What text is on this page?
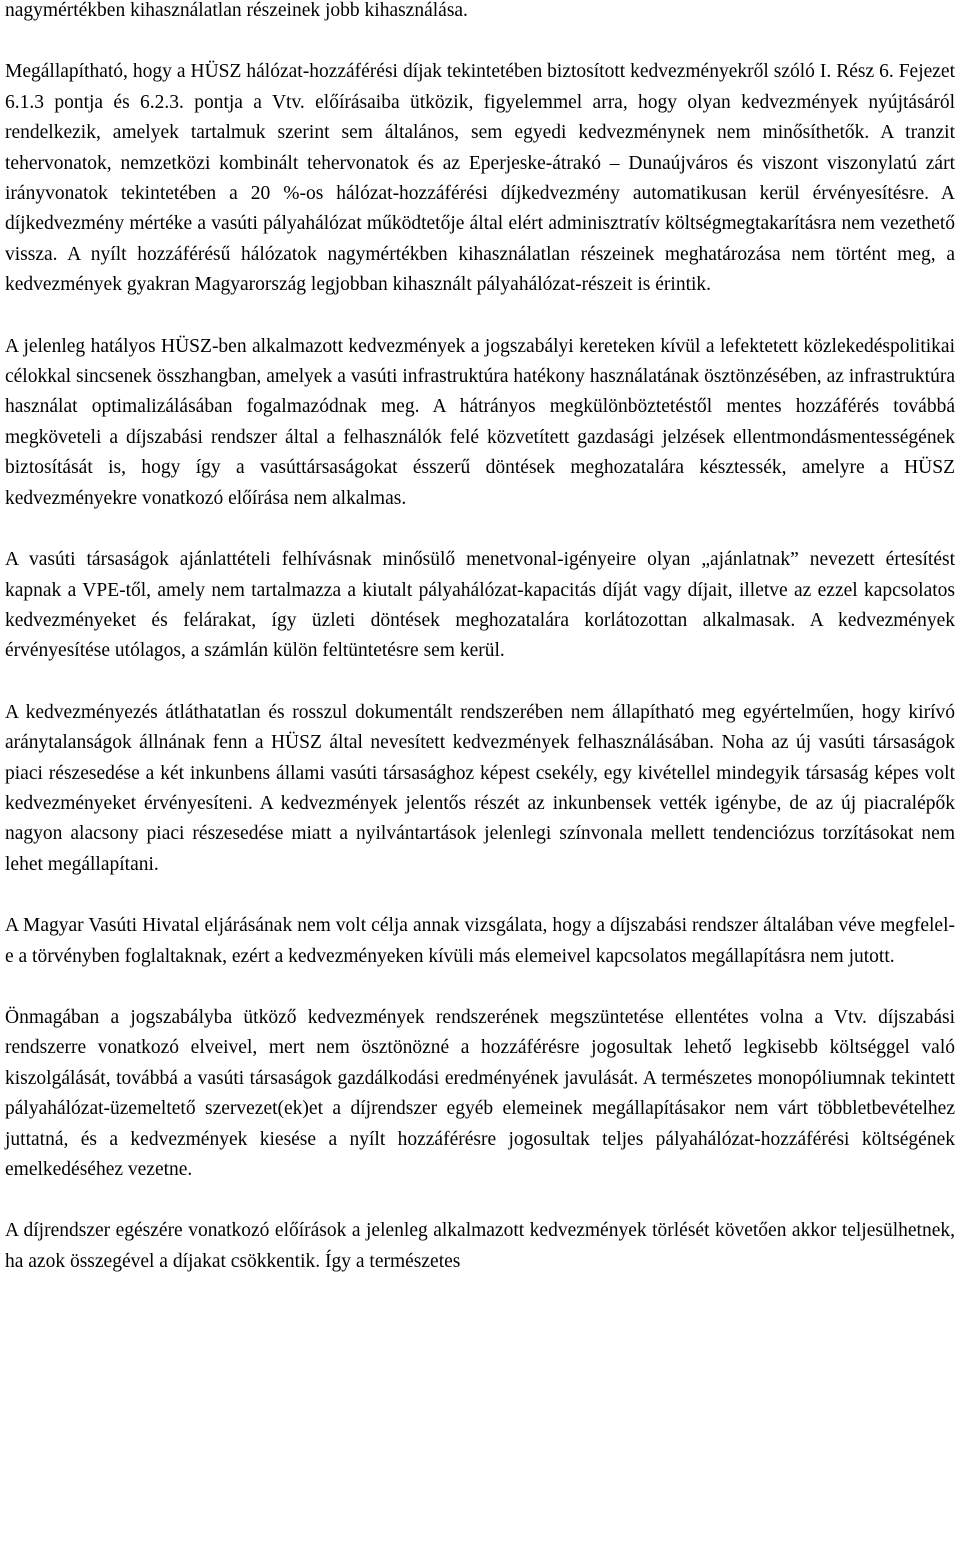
nagymértékben kihasználatlan részeinek jobb kihasználása.

Megállapítható, hogy a HÜSZ hálózat-hozzáférési díjak tekintetében biztosított kedvezményekről szóló I. Rész 6. Fejezet 6.1.3 pontja és 6.2.3. pontja a Vtv. előírásaiba ütközik, figyelemmel arra, hogy olyan kedvezmények nyújtásáról rendelkezik, amelyek tartalmuk szerint sem általános, sem egyedi kedvezménynek nem minősíthetők. A tranzit tehervonatok, nemzetközi kombinált tehervonatok és az Eperjeske-átrakó – Dunaújváros és viszont viszonylatú zárt irányvonatok tekintetében a 20 %-os hálózat-hozzáférési díjkedvezmény automatikusan kerül érvényesítésre. A díjkedvezmény mértéke a vasúti pályahálózat működtetője által elért adminisztratív költségmegtakarításra nem vezethető vissza. A nyílt hozzáférésű hálózatok nagymértékben kihasználatlan részeinek meghatározása nem történt meg, a kedvezmények gyakran Magyarország legjobban kihasznált pályahálózat-részeit is érintik.

A jelenleg hatályos HÜSZ-ben alkalmazott kedvezmények a jogszabályi kereteken kívül a lefektetett közlekedéspolitikai célokkal sincsenek összhangban, amelyek a vasúti infrastruktúra hatékony használatának ösztönzésében, az infrastruktúra használat optimalizálásában fogalmazódnak meg. A hátrányos megkülönböztetéstől mentes hozzáférés továbbá megköveteli a díjszabási rendszer által a felhasználók felé közvetített gazdasági jelzések ellentmondásmentességének biztosítását is, hogy így a vasúttársaságokat ésszerű döntések meghozatalára késztessék, amelyre a HÜSZ kedvezményekre vonatkozó előírása nem alkalmas.

A vasúti társaságok ajánlattételi felhívásnak minősülő menetvonal-igényeire olyan „ajánlatnak” nevezett értesítést kapnak a VPE-től, amely nem tartalmazza a kiutalt pályahálózat-kapacitás díját vagy díjait, illetve az ezzel kapcsolatos kedvezményeket és felárakat, így üzleti döntések meghozatalára korlátozottan alkalmasak. A kedvezmények érvényesítése utólagos, a számlán külön feltüntetésre sem kerül.

A kedvezményezés átláthatatlan és rosszul dokumentált rendszerében nem állapítható meg egyértelműen, hogy kirívó aránytalanságok állnának fenn a HÜSZ által nevesített kedvezmények felhasználásában. Noha az új vasúti társaságok piaci részesedése a két inkunbens állami vasúti társasághoz képest csekély, egy kivétellel mindegyik társaság képes volt kedvezményeket érvényesíteni. A kedvezmények jelentős részét az inkunbensek vették igénybe, de az új piacralépők nagyon alacsony piaci részesedése miatt a nyilvántartások jelenlegi színvonala mellett tendenciózus torzításokat nem lehet megállapítani.

A Magyar Vasúti Hivatal eljárásának nem volt célja annak vizsgálata, hogy a díjszabási rendszer általában véve megfelel-e a törvényben foglaltaknak, ezért a kedvezményeken kívüli más elemeivel kapcsolatos megállapításra nem jutott.

Önmagában a jogszabályba ütköző kedvezmények rendszerének megszüntetése ellentétes volna a Vtv. díjszabási rendszerre vonatkozó elveivel, mert nem ösztönözné a hozzáférésre jogosultak lehető legkisebb költséggel való kiszolgálását, továbbá a vasúti társaságok gazdálkodási eredményének javulását. A természetes monopóliumnak tekintett pályahálózat-üzemeltető szervezet(ek)et a díjrendszer egyéb elemeinek megállapításakor nem várt többletbevételhez juttatná, és a kedvezmények kiesése a nyílt hozzáférésre jogosultak teljes pályahálózat-hozzáférési költségének emelkedéséhez vezetne.

A díjrendszer egészére vonatkozó előírások a jelenleg alkalmazott kedvezmények törlését követően akkor teljesülhetnek, ha azok összegével a díjakat csökkentik. Így a természetes
